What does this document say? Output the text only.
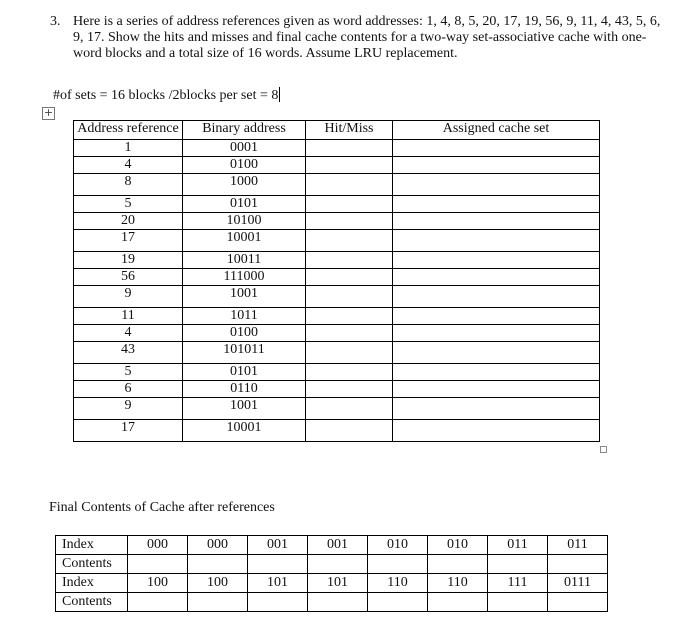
3. Here is a series of address references given as word addresses: 1, 4, 8, 5, 20, 17, 19, 56, 9, 11, 4, 43, 5, 6, 9, 17. Show the hits and misses and final cache contents for a two-way set-associative cache with one-word blocks and a total size of 16 words. Assume LRU replacement.
#of sets = 16 blocks /2blocks per set = 8
+
Address reference	Binary address	Hit/Miss	Assigned cache set
1	0001		
4	0100		
8	1000		
5	0101		
20	10100		
17	10001		
19	10011		
56	111000		
9	1001		
11	1011		
4	0100		
43	101011		
5	0101		
6	0110		
9	1001		
17	10001		
Final Contents of Cache after references
Index	000	000	001	001	010	010	011	011
Contents								
Index	100	100	101	101	110	110	111	0111
Contents								
